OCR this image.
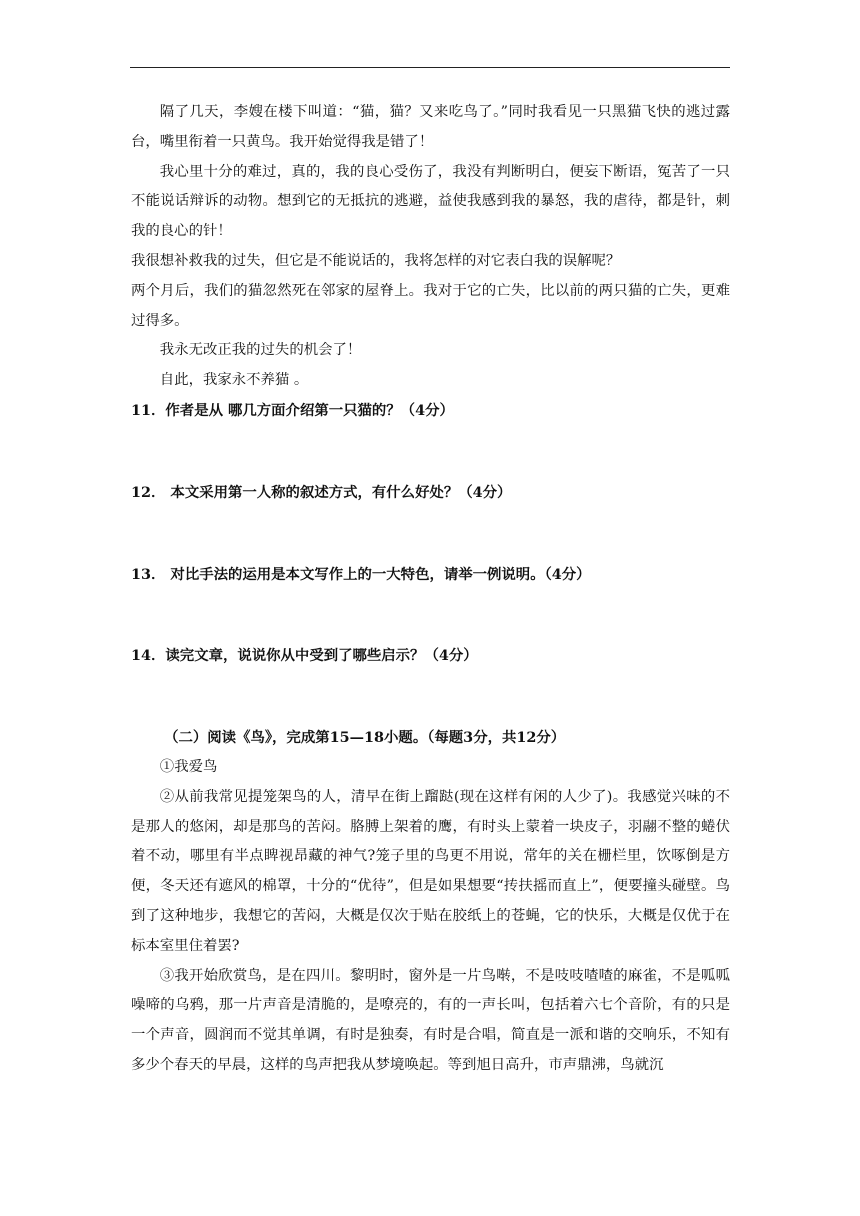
隔了几天，李嫂在楼下叫道：“猫，猫？又来吃鸟了。”同时我看见一只黑猫飞快的逃过露台，嘴里衔着一只黄鸟。我开始觉得我是错了！

我心里十分的难过，真的，我的良心受伤了，我没有判断明白，便妄下断语，冤苦了一只不能说话辩诉的动物。想到它的无抵抗的逃避，益使我感到我的暴怒，我的虐待，都是针，刺我的良心的针！

我很想补救我的过失，但它是不能说话的，我将怎样的对它表白我的误解呢？

两个月后，我们的猫忽然死在邻家的屋脊上。我对于它的亡失，比以前的两只猫的亡失，更难过得多。

我永无改正我的过失的机会了！

自此，我家永不养猫 。

11．作者是从 哪几方面介绍第一只猫的？（4分）

12． 本文采用第一人称的叙述方式，有什么好处？（4分）

13． 对比手法的运用是本文写作上的一大特色，请举一例说明。（4分）

14．读完文章，说说你从中受到了哪些启示？（4分）

（二）阅读《鸟》，完成第15—18小题。（每题3分，共12分）

①我爱鸟

②从前我常见提笼架鸟的人，清早在街上蹓跶(现在这样有闲的人少了)。我感觉兴味的不是那人的悠闲，却是那鸟的苦闷。胳膊上架着的鹰，有时头上蒙着一块皮子，羽翮不整的蜷伏着不动，哪里有半点睥视昂藏的神气?笼子里的鸟更不用说，常年的关在栅栏里，饮啄倒是方便，冬天还有遮风的棉罩，十分的“优待”，但是如果想要“抟扶摇而直上”，便要撞头碰壁。鸟到了这种地步，我想它的苦闷，大概是仅次于贴在胶纸上的苍蝇，它的快乐，大概是仅优于在标本室里住着罢?

③我开始欣赏鸟，是在四川。黎明时，窗外是一片鸟啭，不是吱吱喳喳的麻雀，不是呱呱噪啼的乌鸦，那一片声音是清脆的，是嘹亮的，有的一声长叫，包括着六七个音阶，有的只是一个声音，圆润而不觉其单调，有时是独奏，有时是合唱，简直是一派和谐的交响乐，不知有多少个春天的早晨，这样的鸟声把我从梦境唤起。等到旭日高升，市声鼎沸，鸟就沉
